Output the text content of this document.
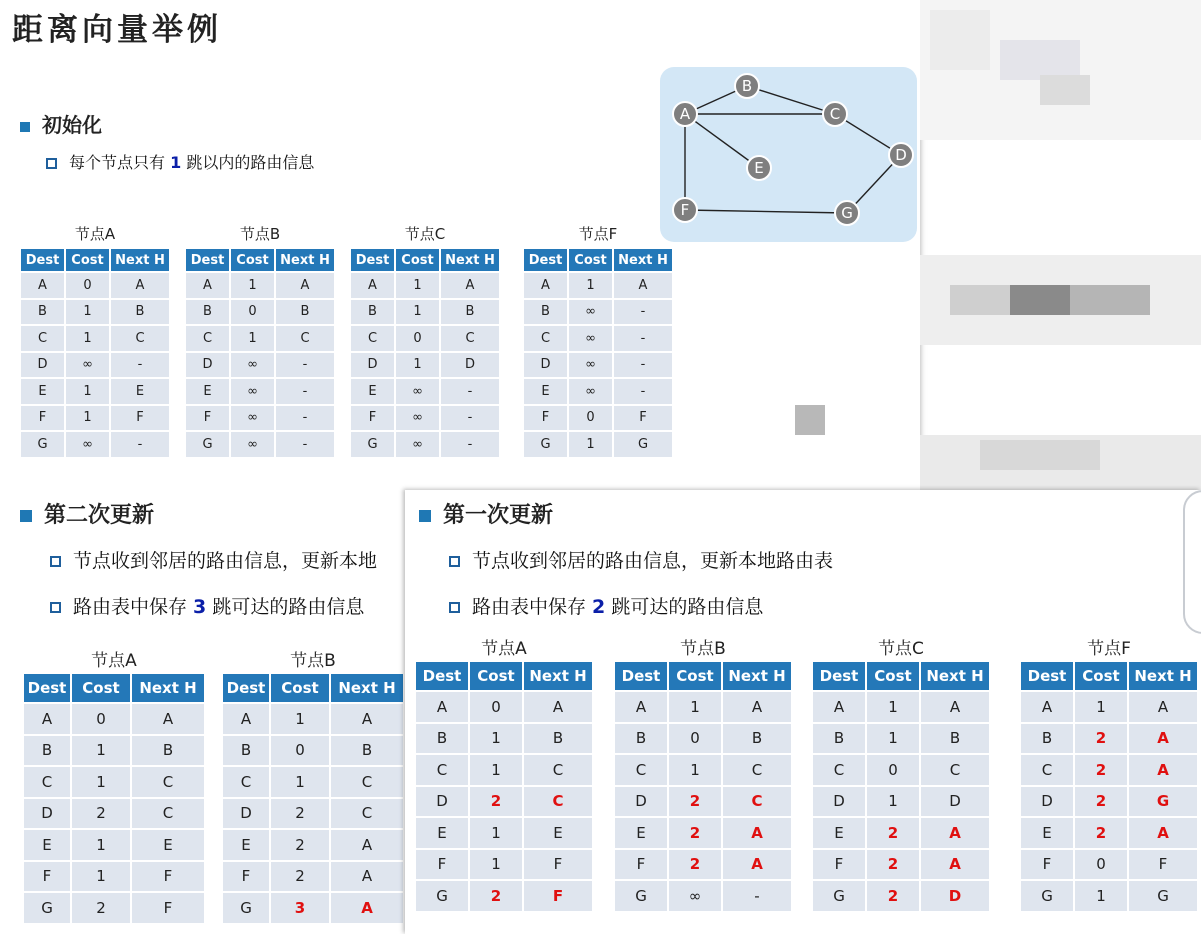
距离向量举例
初始化
每个节点只有 1 跳以内的路由信息
A
B
C
D
E
F	G
节点A
Dest	Cost	Next H
A	0	A
B	1	B
C	1	C
D	∞	-
E	1	E
F	1	F
G	∞	-
节点B
Dest	Cost	Next H
A	1	A
B	0	B
C	1	C
D	∞	-
E	∞	-
F	∞	-
G	∞	-
节点C
Dest	Cost	Next H
A	1	A
B	1	B
C	0	C
D	1	D
E	∞	-
F	∞	-
G	∞	-
节点F
Dest	Cost	Next H
A	1	A
B	∞	-
C	∞	-
D	∞	-
E	∞	-
F	0	F
G	1	G
第二次更新
节点收到邻居的路由信息，更新本地
路由表中保存 3 跳可达的路由信息
节点A
Dest	Cost	Next H
A	0	A
B	1	B
C	1	C
D	2	C
E	1	E
F	1	F
G	2	F
节点B
Dest	Cost	Next H
A	1	A
B	0	B
C	1	C
D	2	C
E	2	A
F	2	A
G	3	A
第一次更新
节点收到邻居的路由信息，更新本地路由表
路由表中保存 2 跳可达的路由信息
节点A
Dest	Cost	Next H
A	0	A
B	1	B
C	1	C
D	2	C
E	1	E
F	1	F
G	2	F
节点B
Dest	Cost	Next H
A	1	A
B	0	B
C	1	C
D	2	C
E	2	A
F	2	A
G	∞	-
节点C
Dest	Cost	Next H
A	1	A
B	1	B
C	0	C
D	1	D
E	2	A
F	2	A
G	2	D
节点F
Dest	Cost	Next H
A	1	A
B	2	A
C	2	A
D	2	G
E	2	A
F	0	F
G	1	G
